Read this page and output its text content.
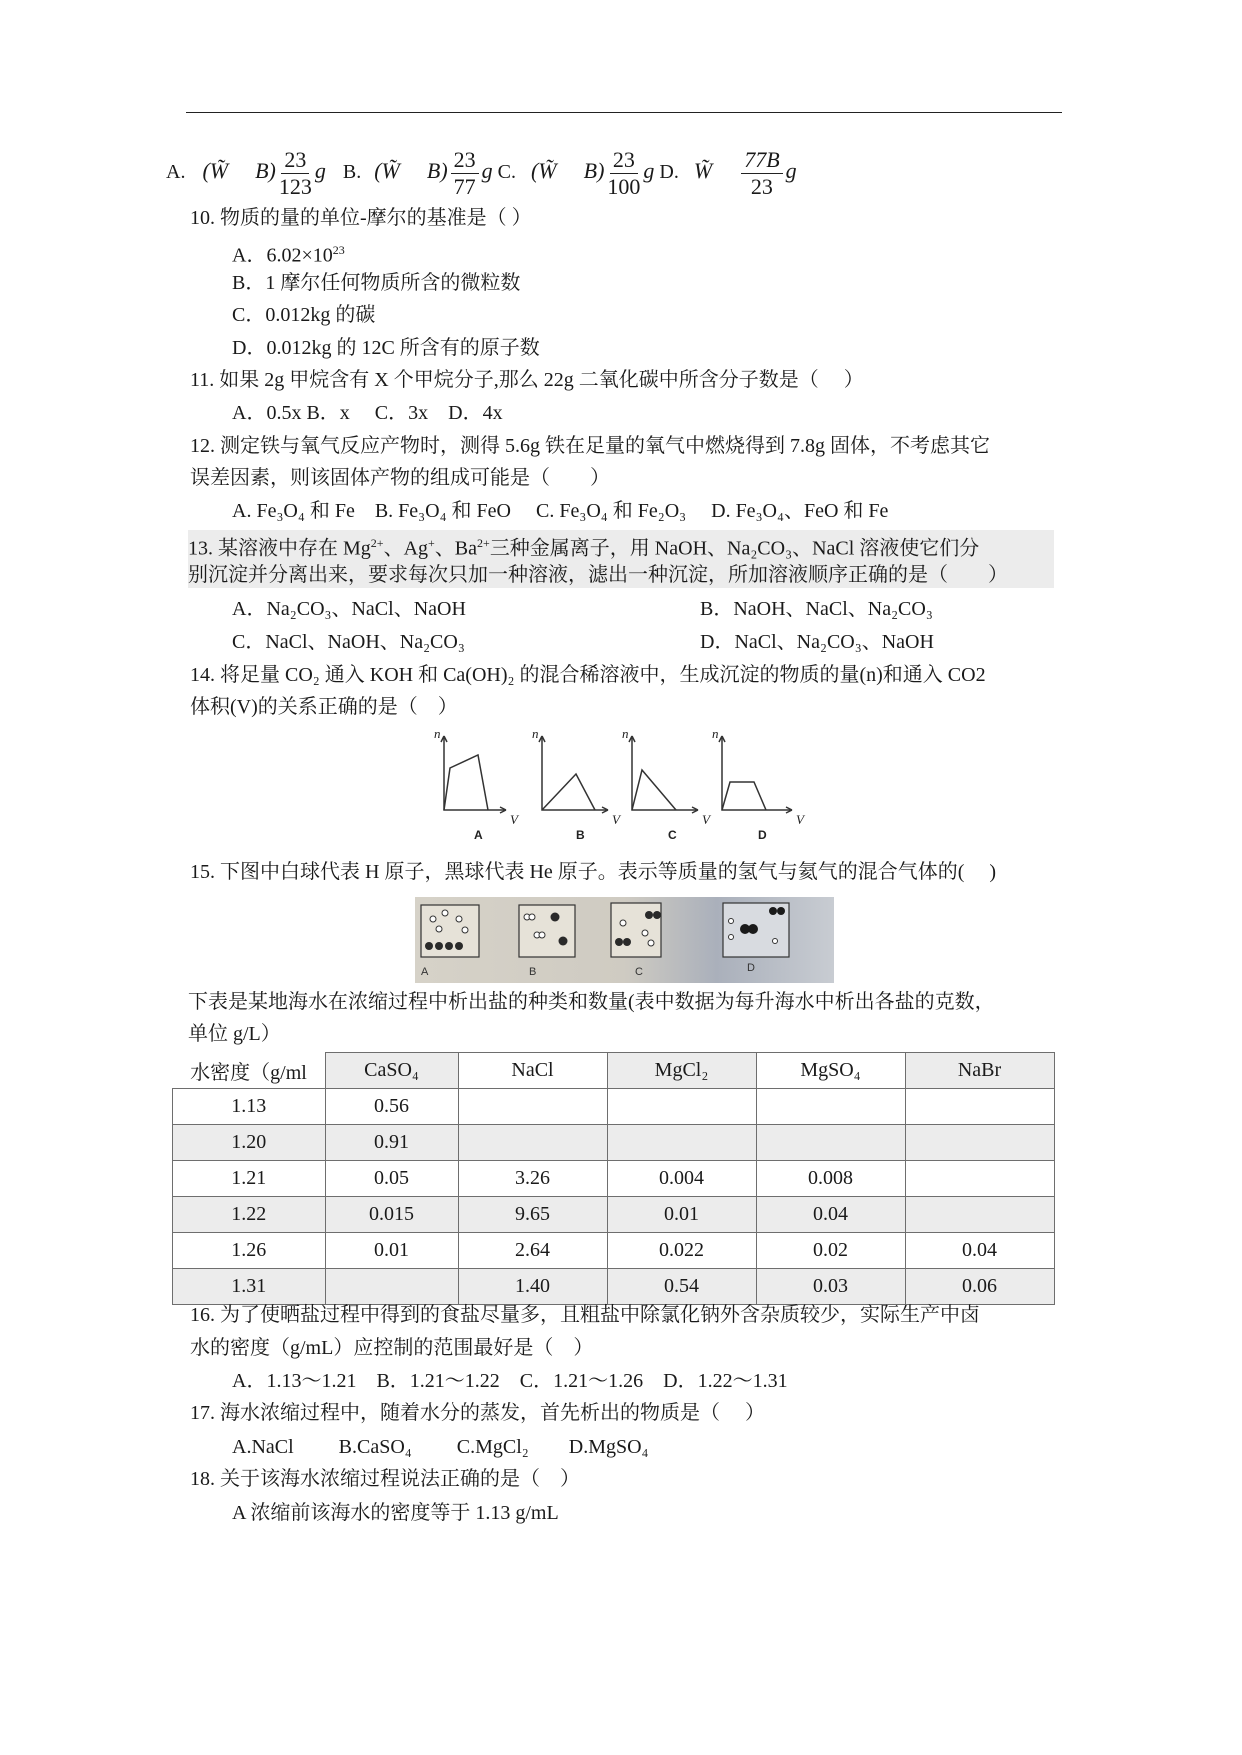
A. (W̃ $B) \frac{23}{123}$ g B. (W̃ $B) \frac{23}{77}$ g C. (W̃ $B) \frac{23}{100}$ g D. W̃ $\frac{77B}{23}$ g
10. 物质的量的单位-摩尔的基准是（ ）
A．$6.02\times 10^{23}$
B．1 摩尔任何物质所含的微粒数
C．0.012kg 的碳
D．0.012kg 的 12C 所含有的原子数
11. 如果 2g 甲烷含有 X 个甲烷分子,那么 22g 二氧化碳中所含分子数是（　 ）
A．0.5x B．x　 C．3x　D．4x
12. 测定铁与氧气反应产物时，测得 5.6g 铁在足量的氧气中燃烧得到 7.8g 固体，不考虑其它
误差因素，则该固体产物的组成可能是（　　）
A. Fe₃O₄ 和 Fe　B. Fe₃O₄ 和 FeO　 C. Fe₃O₄ 和 Fe₂O₃　 D. Fe₃O₄、FeO 和 Fe
13. 某溶液中存在 $Mg^{2+}$、Ag+、$Ba^{2+}$三种金属离子，用 NaOH、Na₂CO₃、NaCl 溶液使它们分
别沉淀并分离出来，要求每次只加一种溶液，滤出一种沉淀，所加溶液顺序正确的是（　　）
A．Na₂CO₃、NaCl、NaOH	B．NaOH、NaCl、Na₂CO₃
C．NaCl、NaOH、Na₂CO₃	D．NaCl、Na₂CO₃、NaOH
14. 将足量 CO₂ 通入 KOH 和 Ca(OH)₂ 的混合稀溶液中，生成沉淀的物质的量(n)和通入 CO2
体积(V)的关系正确的是（　）
n
V
n
V
n
V
n
V
A	B	C	D
15. 下图中白球代表 H 原子，黑球代表 He 原子。表示等质量的氢气与氦气的混合气体的(　 )
A	B	C	D
下表是某地海水在浓缩过程中析出盐的种类和数量(表中数据为每升海水中析出各盐的克数，
单位 g/L）
水密度（g/ml	CaSO₄	NaCl	MgCl₂	MgSO₄	NaBr
1.13	0.56				
1.20	0.91				
1.21	0.05	3.26	0.004	0.008	
1.22	0.015	9.65	0.01	0.04	
1.26	0.01	2.64	0.022	0.02	0.04
1.31		1.40	0.54	0.03	0.06
16. 为了使晒盐过程中得到的食盐尽量多，且粗盐中除氯化钠外含杂质较少，实际生产中卤
水的密度（g/mL）应控制的范围最好是（　）
A．1.13～1.21　B．1.21～1.22　C．1.21～1.26　D．1.22～1.31
17. 海水浓缩过程中，随着水分的蒸发，首先析出的物质是（　 ）
A.NaCl　　 B.CaSO₄　　 C.MgCl₂　　D.MgSO₄
18. 关于该海水浓缩过程说法正确的是（　）
A 浓缩前该海水的密度等于 1.13 g/mL
